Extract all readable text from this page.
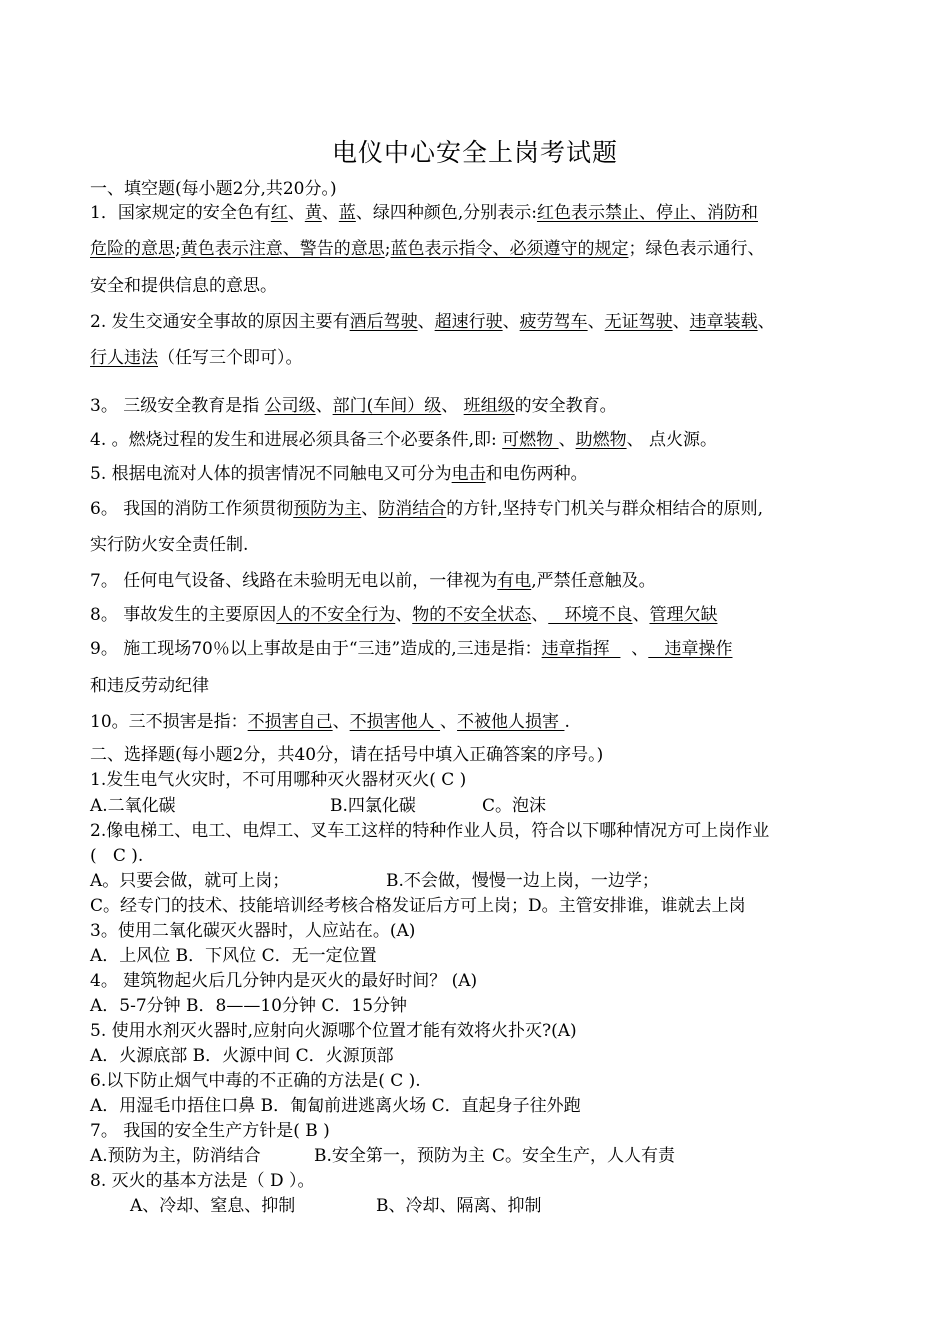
电仪中心安全上岗考试题
一、填空题(每小题2分,共20分。)
1．国家规定的安全色有红、黄、蓝、绿四种颜色,分别表示:红色表示禁止、停止、消防和
危险的意思;黄色表示注意、警告的意思;蓝色表示指令、必须遵守的规定；绿色表示通行、
安全和提供信息的意思。
2. 发生交通安全事故的原因主要有酒后驾驶、超速行驶、疲劳驾车、无证驾驶、违章装载、
行人违法（任写三个即可）。
3。 三级安全教育是指 公司级、部门(车间）级、 班组级的安全教育。
4. 。燃烧过程的发生和进展必须具备三个必要条件,即: 可燃物 、助燃物、 点火源。
5. 根据电流对人体的损害情况不同触电又可分为电击和电伤两种。
6。 我国的消防工作须贯彻预防为主、防消结合的方针,坚持专门机关与群众相结合的原则,
实行防火安全责任制.
7。 任何电气设备、线路在未验明无电以前，一律视为有电,严禁任意触及。
8。 事故发生的主要原因人的不安全行为、物的不安全状态、   环境不良、管理欠缺
9。 施工现场70％以上事故是由于“三违”造成的,三违是指：违章指挥    、   违章操作
和违反劳动纪律
10。三不损害是指：不损害自己、不损害他人 、不被他人损害 .
二、选择题(每小题2分，共40分，请在括号中填入正确答案的序号。)
1.发生电气火灾时，不可用哪种灭火器材灭火( C )
A.二氧化碳	B.四氯化碳	C。泡沫
2.像电梯工、电工、电焊工、叉车工这样的特种作业人员，符合以下哪种情况方可上岗作业
(   C ).
A。只要会做，就可上岗；	B.不会做，慢慢一边上岗，一边学；
C。经专门的技术、技能培训经考核合格发证后方可上岗；D。主管安排谁，谁就去上岗
3。使用二氧化碳灭火器时，人应站在。(A)
A．上风位 B．下风位 C．无一定位置
4。 建筑物起火后几分钟内是灭火的最好时间？ (A)
A．5-7分钟 B．8——10分钟 C．15分钟
5. 使用水剂灭火器时,应射向火源哪个位置才能有效将火扑灭?(A)
A．火源底部 B．火源中间 C．火源顶部
6.以下防止烟气中毒的不正确的方法是( C ).
A．用湿毛巾捂住口鼻 B．匍匐前进逃离火场 C．直起身子往外跑
7。 我国的安全生产方针是( B )
A.预防为主，防消结合	B.安全第一，预防为主 C。安全生产，人人有责
8. 灭火的基本方法是（ D ）。
A、冷却、窒息、抑制	B、冷却、隔离、抑制
